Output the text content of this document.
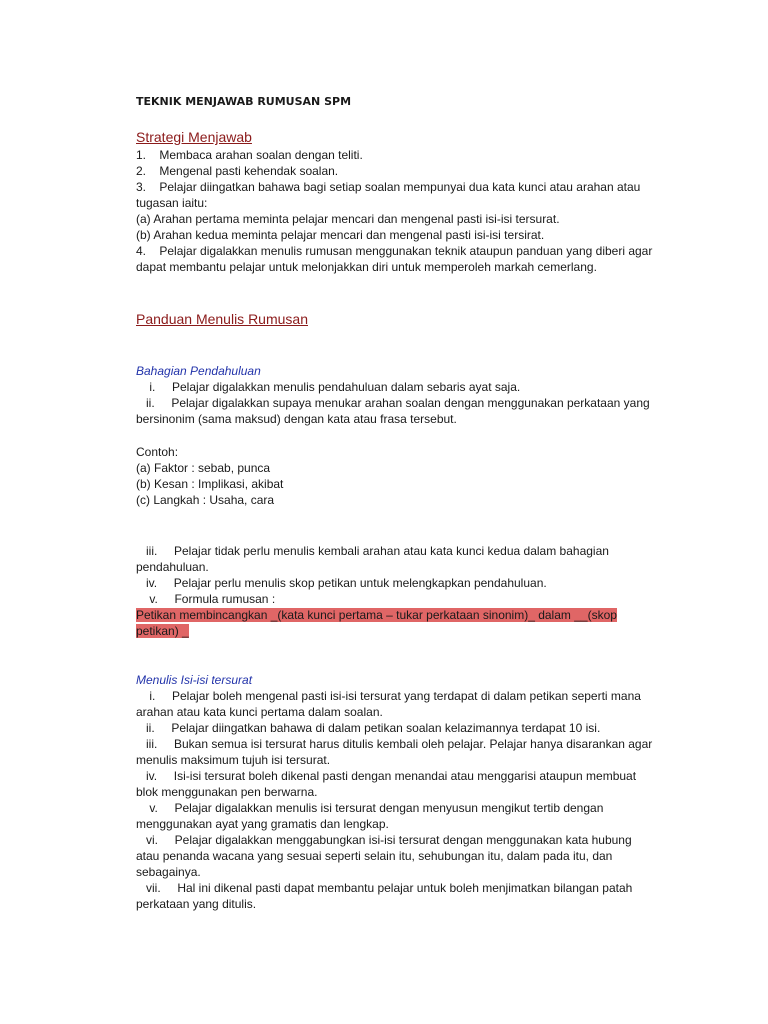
TEKNIK MENJAWAB RUMUSAN SPM
Strategi Menjawab
1.    Membaca arahan soalan dengan teliti.
2.    Mengenal pasti kehendak soalan.
3.    Pelajar diingatkan bahawa bagi setiap soalan mempunyai dua kata kunci atau arahan atau
tugasan iaitu:
(a) Arahan pertama meminta pelajar mencari dan mengenal pasti isi-isi tersurat.
(b) Arahan kedua meminta pelajar mencari dan mengenal pasti isi-isi tersirat.
4.    Pelajar digalakkan menulis rumusan menggunakan teknik ataupun panduan yang diberi agar
dapat membantu pelajar untuk melonjakkan diri untuk memperoleh markah cemerlang.
Panduan Menulis Rumusan
Bahagian Pendahuluan
i.     Pelajar digalakkan menulis pendahuluan dalam sebaris ayat saja.
ii.     Pelajar digalakkan supaya menukar arahan soalan dengan menggunakan perkataan yang
bersinonim (sama maksud) dengan kata atau frasa tersebut.
Contoh:
(a) Faktor : sebab, punca
(b) Kesan : Implikasi, akibat
(c) Langkah : Usaha, cara
iii.     Pelajar tidak perlu menulis kembali arahan atau kata kunci kedua dalam bahagian
pendahuluan.
iv.     Pelajar perlu menulis skop petikan untuk melengkapkan pendahuluan.
v.     Formula rumusan :
Petikan membincangkan _(kata kunci pertama – tukar perkataan sinonim)_ dalam __(skop
petikan) _
Menulis Isi-isi tersurat
i.     Pelajar boleh mengenal pasti isi-isi tersurat yang terdapat di dalam petikan seperti mana
arahan atau kata kunci pertama dalam soalan.
ii.     Pelajar diingatkan bahawa di dalam petikan soalan kelazimannya terdapat 10 isi.
iii.     Bukan semua isi tersurat harus ditulis kembali oleh pelajar. Pelajar hanya disarankan agar
menulis maksimum tujuh isi tersurat.
iv.     Isi-isi tersurat boleh dikenal pasti dengan menandai atau menggarisi ataupun membuat
blok menggunakan pen berwarna.
v.     Pelajar digalakkan menulis isi tersurat dengan menyusun mengikut tertib dengan
menggunakan ayat yang gramatis dan lengkap.
vi.     Pelajar digalakkan menggabungkan isi-isi tersurat dengan menggunakan kata hubung
atau penanda wacana yang sesuai seperti selain itu, sehubungan itu, dalam pada itu, dan
sebagainya.
vii.     Hal ini dikenal pasti dapat membantu pelajar untuk boleh menjimatkan bilangan patah
perkataan yang ditulis.
